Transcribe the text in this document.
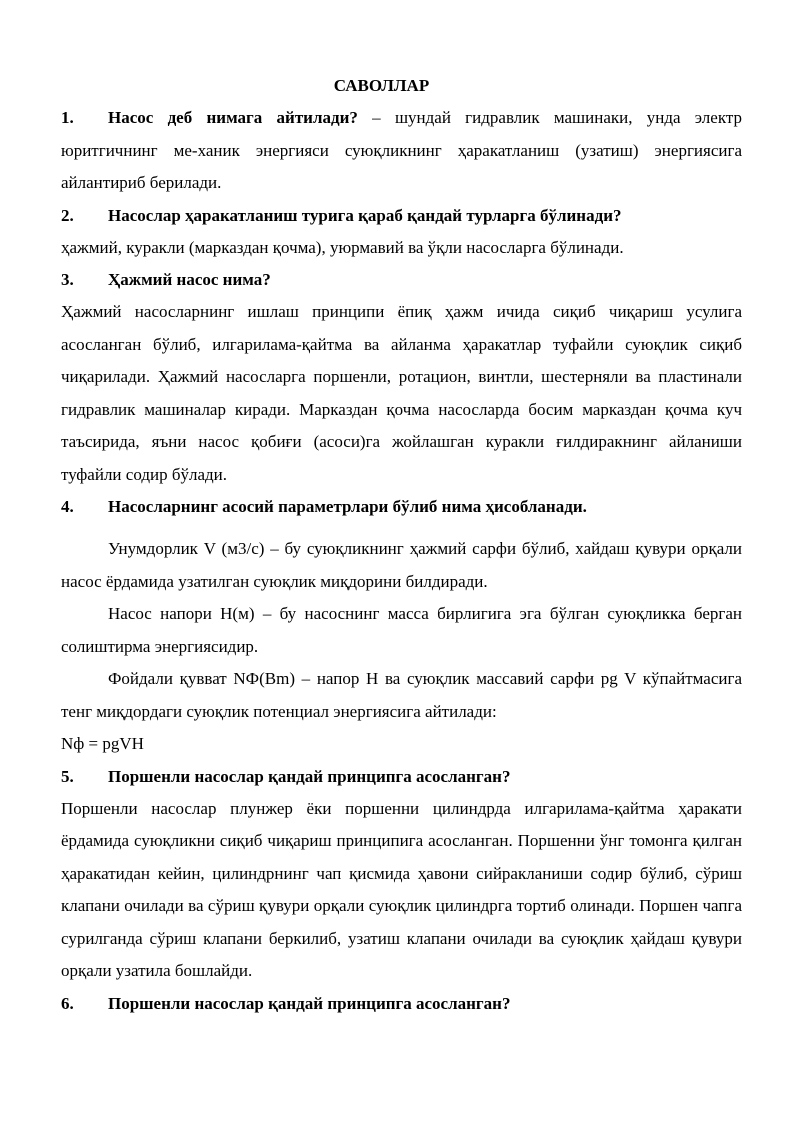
САВОЛЛАР

1. Насос деб нимага айтилади? – шундай гидравлик машинаки, унда электр юритгичнинг ме-ханик энергияси суюқликнинг ҳаракатланиш (узатиш) энергиясига айлантириб берилади.

2.	Насослар ҳаракатланиш турига қараб қандай турларга бўлинади?

ҳажмий, куракли (марказдан қочма), уюрмавий ва ўқли насосларга бўлинади.

3.	Ҳажмий насос нима?

Ҳажмий насосларнинг ишлаш принципи ёпиқ ҳажм ичида сиқиб чиқариш усулига асосланган бўлиб, илгарилама-қайтма ва айланма ҳаракатлар туфайли суюқлик сиқиб чиқарилади. Ҳажмий насосларга поршенли, ротацион, винтли, шестерняли ва пластинали гидравлик машиналар киради. Марказдан қочма насосларда босим марказдан қочма куч таъсирида, яъни насос қобиғи (асоси)га жойлашган куракли ғилдиракнинг айланиши туфайли содир бўлади.

4.	Насосларнинг асосий параметрлари бўлиб нима ҳисобланади.

Унумдорлик V (м3/с) – бу суюқликнинг ҳажмий сарфи бўлиб, хайдаш қувури орқали насос ёрдамида узатилган суюқлик миқдорини билдиради.

Насос напори Н(м) – бу насоснинг масса бирлигига эга бўлган суюқликка берган солиштирма энергиясидир.

Фойдали қувват NФ(Вm) – напор Н ва суюқлик массавий сарфи pg V кўпайтмасига тенг миқдордаги суюқлик потенциал энергиясига айтилади:

Nф = pgVH

5.	Поршенли насослар қандай принципга асосланган?

Поршенли насослар плунжер ёки поршенни цилиндрда илгарилама-қайтма ҳаракати ёрдамида суюқликни сиқиб чиқариш принципига асосланган. Поршенни ўнг томонга қилган ҳаракатидан кейин, цилиндрнинг чап қисмида ҳавони сийракланиши содир бўлиб, сўриш клапани очилади ва сўриш қувури орқали суюқлик цилиндрга тортиб олинади. Поршен чапга сурилганда сўриш клапани беркилиб, узатиш клапани очилади ва суюқлик ҳайдаш қувури орқали узатила бошлайди.

6.	Поршенли насослар қандай принципга асосланган?
